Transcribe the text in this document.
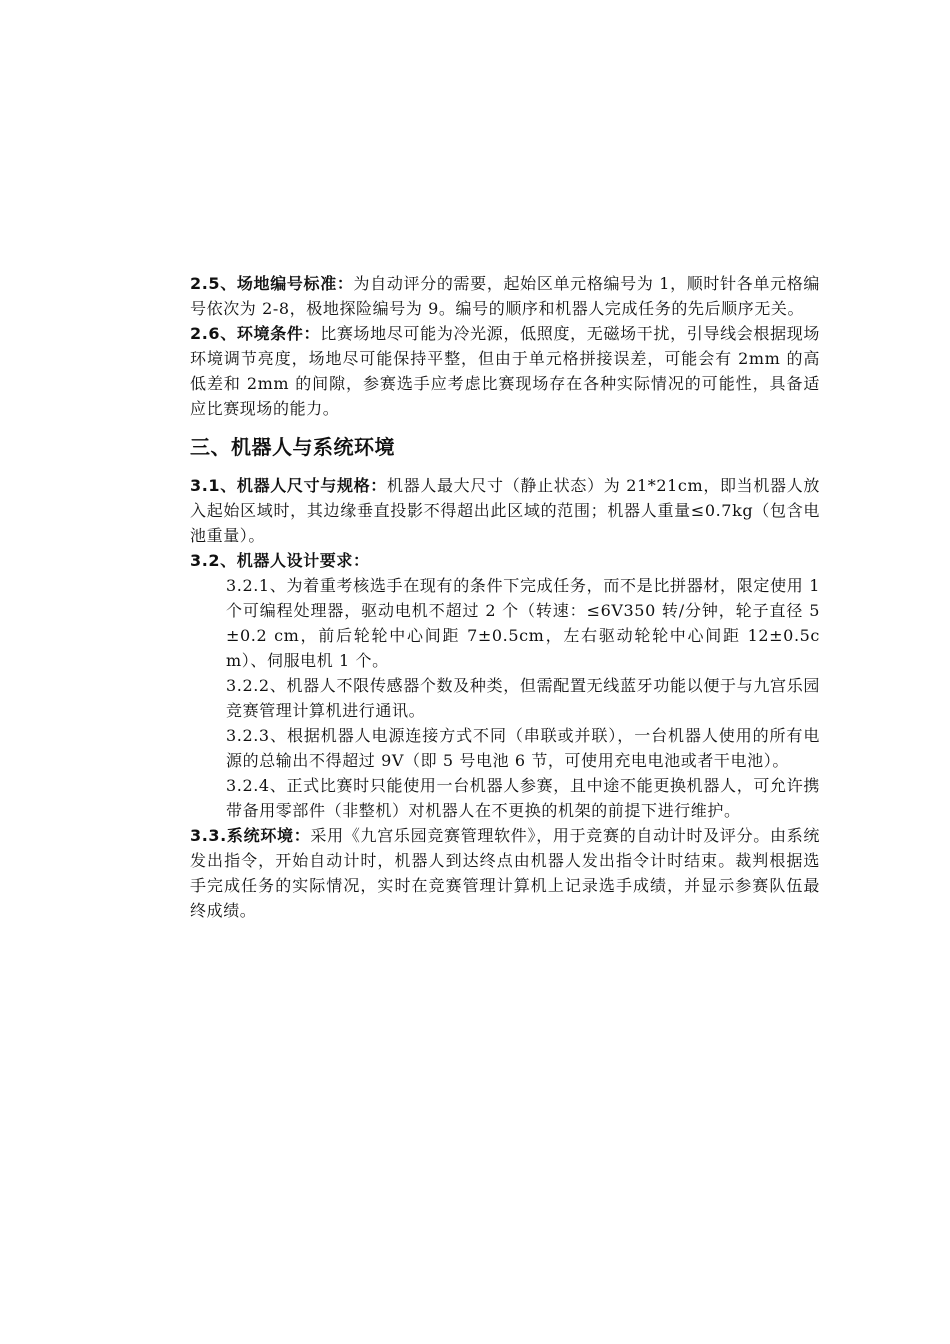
2.5、场地编号标准：为自动评分的需要，起始区单元格编号为 1，顺时针各单元格编号依次为 2-8，极地探险编号为 9。编号的顺序和机器人完成任务的先后顺序无关。

2.6、环境条件：比赛场地尽可能为冷光源，低照度，无磁场干扰，引导线会根据现场环境调节亮度，场地尽可能保持平整，但由于单元格拼接误差，可能会有 2mm 的高低差和 2mm 的间隙，参赛选手应考虑比赛现场存在各种实际情况的可能性，具备适应比赛现场的能力。

三、机器人与系统环境

3.1、机器人尺寸与规格：机器人最大尺寸（静止状态）为 21*21cm，即当机器人放入起始区域时，其边缘垂直投影不得超出此区域的范围；机器人重量≤0.7kg（包含电池重量）。

3.2、机器人设计要求：

3.2.1、为着重考核选手在现有的条件下完成任务，而不是比拼器材，限定使用 1 个可编程处理器，驱动电机不超过 2 个（转速：≤6V350 转/分钟，轮子直径 5±0.2 cm，前后轮轮中心间距 7±0.5cm，左右驱动轮轮中心间距 12±0.5cm）、伺服电机 1 个。

3.2.2、机器人不限传感器个数及种类，但需配置无线蓝牙功能以便于与九宫乐园竞赛管理计算机进行通讯。

3.2.3、根据机器人电源连接方式不同（串联或并联），一台机器人使用的所有电源的总输出不得超过 9V（即 5 号电池 6 节，可使用充电电池或者干电池）。

3.2.4、正式比赛时只能使用一台机器人参赛，且中途不能更换机器人，可允许携带备用零部件（非整机）对机器人在不更换的机架的前提下进行维护。

3.3.系统环境：采用《九宫乐园竞赛管理软件》，用于竞赛的自动计时及评分。由系统发出指令，开始自动计时，机器人到达终点由机器人发出指令计时结束。裁判根据选手完成任务的实际情况，实时在竞赛管理计算机上记录选手成绩，并显示参赛队伍最终成绩。
